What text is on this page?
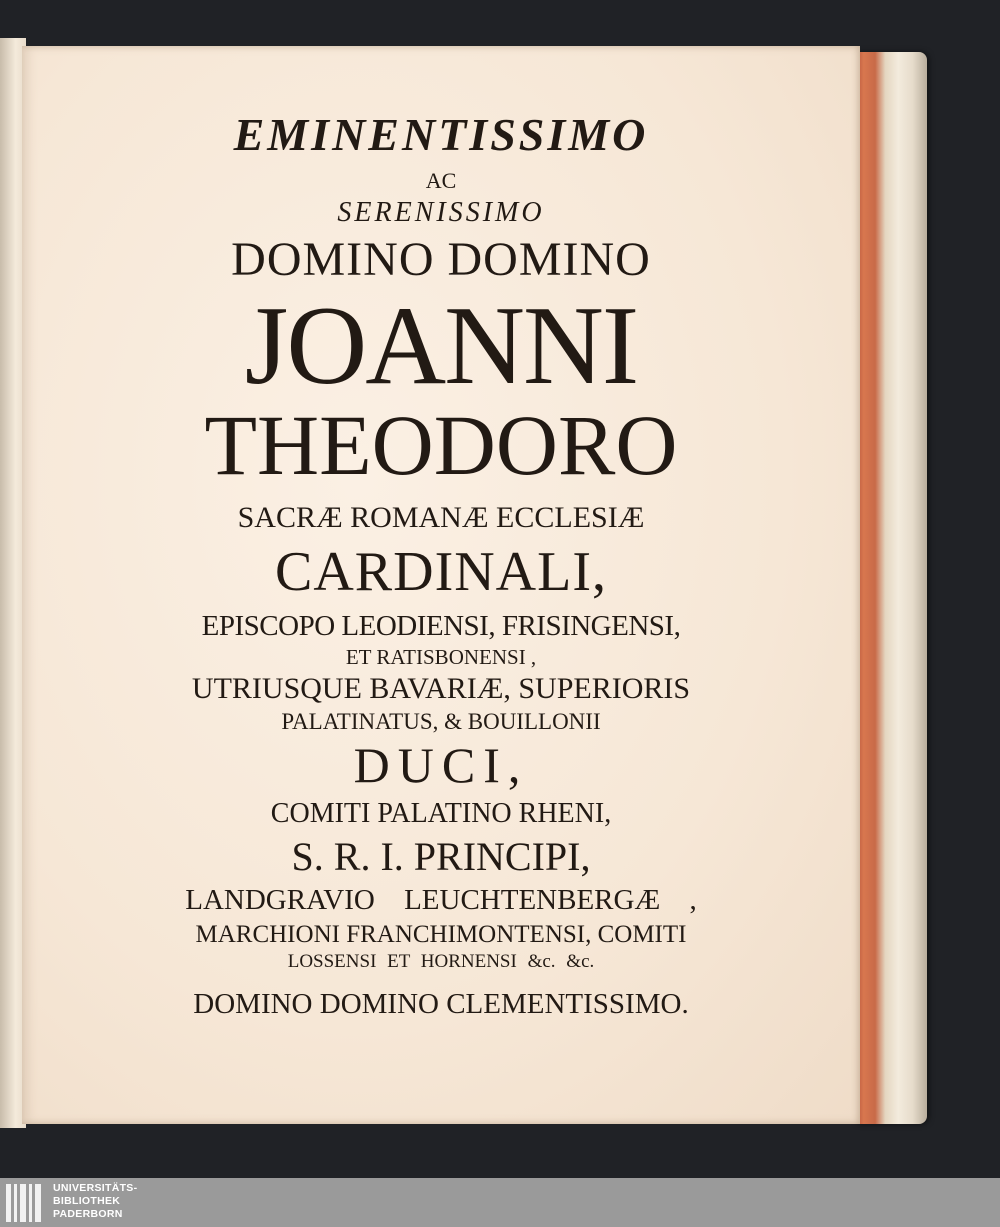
EMINENTISSIMO
AC
SERENISSIMO
DOMINO DOMINO
JOANNI
THEODORO
SACRÆ ROMANÆ ECCLESIÆ
CARDINALI,
EPISCOPO LEODIENSI, FRISINGENSI,
ET RATISBONENSI ,
UTRIUSQUE BAVARIÆ, SUPERIORIS
PALATINATUS, & BOUILLONII
DUCI,
COMITI PALATINO RHENI,
S. R. I. PRINCIPI,
LANDGRAVIO LEUCHTENBERGÆ ,
MARCHIONI FRANCHIMONTENSI, COMITI
LOSSENSI ET HORNENSI &c. &c.
DOMINO DOMINO CLEMENTISSIMO.
UNIVERSITÄTS-
BIBLIOTHEK
PADERBORN
